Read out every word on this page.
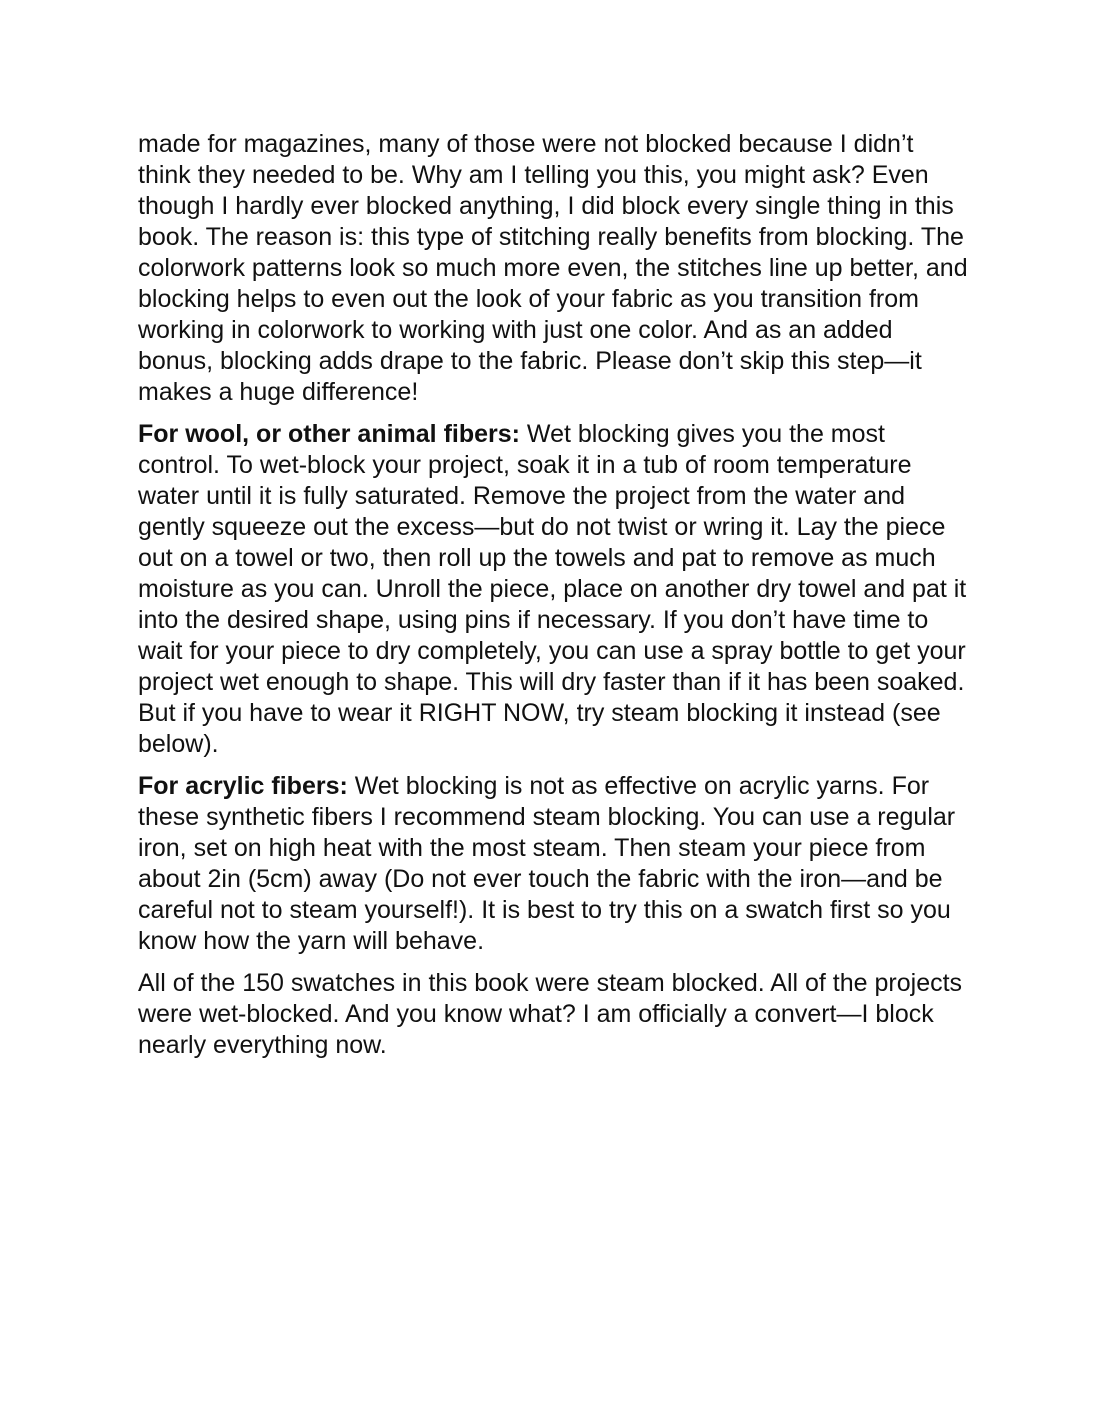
made for magazines, many of those were not blocked because I didn’t think they needed to be. Why am I telling you this, you might ask? Even though I hardly ever blocked anything, I did block every single thing in this book. The reason is: this type of stitching really benefits from blocking. The colorwork patterns look so much more even, the stitches line up better, and blocking helps to even out the look of your fabric as you transition from working in colorwork to working with just one color. And as an added bonus, blocking adds drape to the fabric. Please don’t skip this step—it makes a huge difference!

For wool, or other animal fibers: Wet blocking gives you the most control. To wet-block your project, soak it in a tub of room temperature water until it is fully saturated. Remove the project from the water and gently squeeze out the excess—but do not twist or wring it. Lay the piece out on a towel or two, then roll up the towels and pat to remove as much moisture as you can. Unroll the piece, place on another dry towel and pat it into the desired shape, using pins if necessary. If you don’t have time to wait for your piece to dry completely, you can use a spray bottle to get your project wet enough to shape. This will dry faster than if it has been soaked. But if you have to wear it RIGHT NOW, try steam blocking it instead (see below).

For acrylic fibers: Wet blocking is not as effective on acrylic yarns. For these synthetic fibers I recommend steam blocking. You can use a regular iron, set on high heat with the most steam. Then steam your piece from about 2in (5cm) away (Do not ever touch the fabric with the iron—and be careful not to steam yourself!). It is best to try this on a swatch first so you know how the yarn will behave.

All of the 150 swatches in this book were steam blocked. All of the projects were wet-blocked. And you know what? I am officially a convert—I block nearly everything now.
